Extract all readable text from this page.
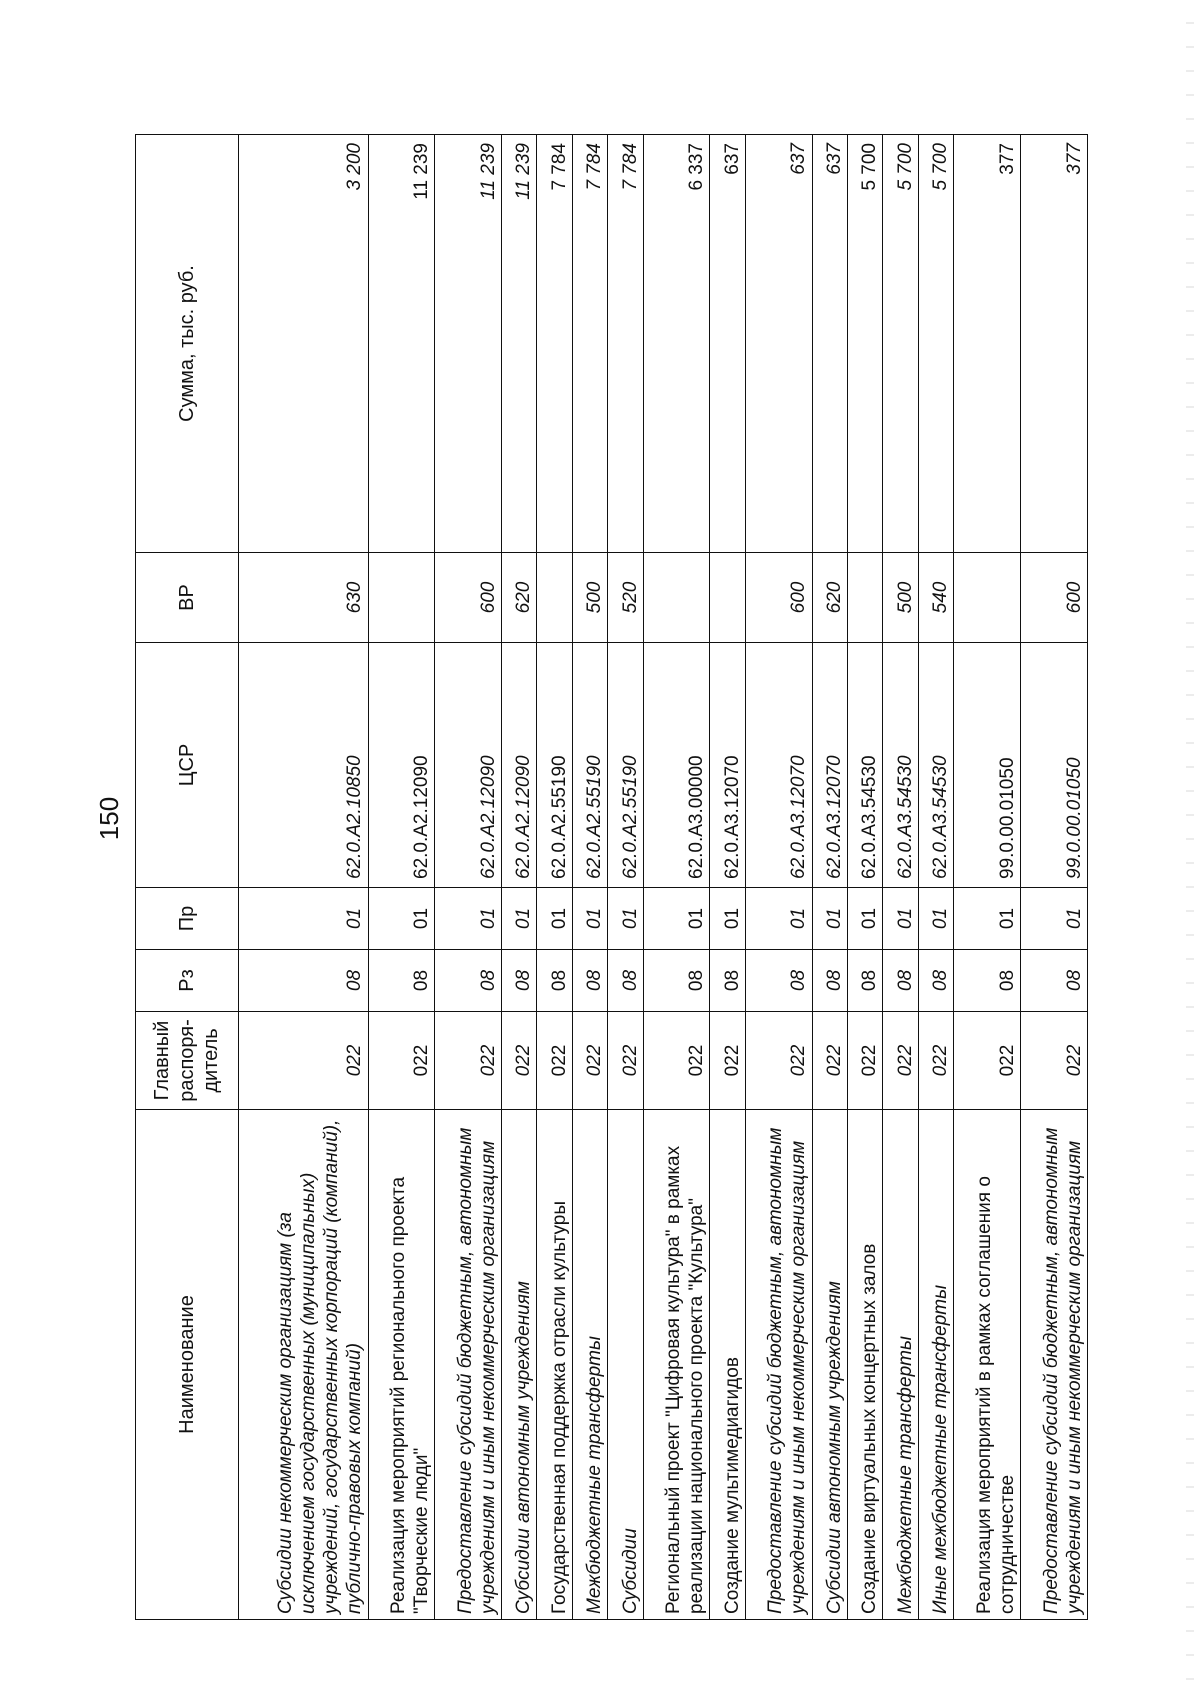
150
Наименование	Главный распоря-дитель	Рз	Пр	ЦСР	ВР	Сумма, тыс. руб.
Субсидии некоммерческим организациям (за исключением государственных (муниципальных) учреждений, государственных корпораций (компаний), публично-правовых компаний)	022	08	01	62.0.A2.10850	630	3 200
Реализация мероприятий регионального проекта "Творческие люди"	022	08	01	62.0.A2.12090		11 239
Предоставление субсидий бюджетным, автономным учреждениям и иным некоммерческим организациям	022	08	01	62.0.A2.12090	600	11 239
Субсидии автономным учреждениям	022	08	01	62.0.A2.12090	620	11 239
Государственная поддержка отрасли культуры	022	08	01	62.0.A2.55190		7 784
Межбюджетные трансферты	022	08	01	62.0.A2.55190	500	7 784
Субсидии	022	08	01	62.0.A2.55190	520	7 784
Региональный проект "Цифровая культура" в рамках реализации национального проекта "Культура"	022	08	01	62.0.A3.00000		6 337
Создание мультимедиагидов	022	08	01	62.0.A3.12070		637
Предоставление субсидий бюджетным, автономным учреждениям и иным некоммерческим организациям	022	08	01	62.0.A3.12070	600	637
Субсидии автономным учреждениям	022	08	01	62.0.A3.12070	620	637
Создание виртуальных концертных залов	022	08	01	62.0.A3.54530		5 700
Межбюджетные трансферты	022	08	01	62.0.A3.54530	500	5 700
Иные межбюджетные трансферты	022	08	01	62.0.A3.54530	540	5 700
Реализация мероприятий в рамках соглашения о сотрудничестве	022	08	01	99.0.00.01050		377
Предоставление субсидий бюджетным, автономным учреждениям и иным некоммерческим организациям	022	08	01	99.0.00.01050	600	377
